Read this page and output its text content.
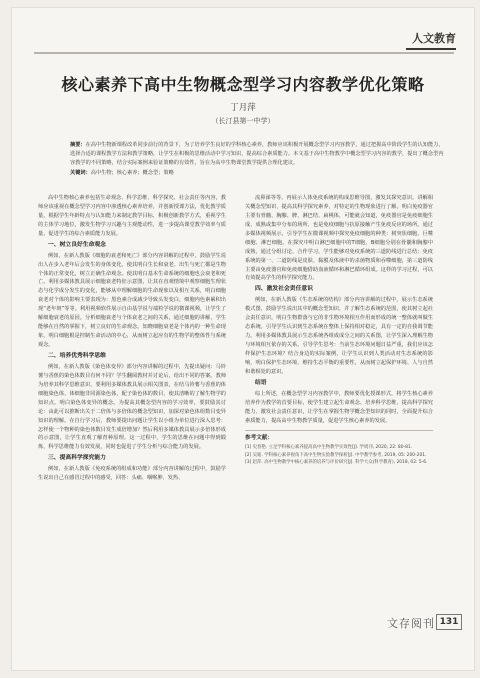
人文教育
核心素养下高中生物概念型学习内容教学优化策略
丁月萍
（长汀县第一中学）
摘要：在高中生物新课程改革同步前行的背景下，为了培养学生良好的学科核心素养，教师应该积极开展概念型学习内容教学，通过把握高中阶段学生的认知能力，选择合适的课程教学方法和教学策略，让学生在积极的思维活动中学习知识，提高综合素质能力。本文基于高中生物教学中概念型学习内容的教学，提出了概念型内容教学的不同策略，结合实际案例来验证策略的有效性，旨在为高中生物课堂教学提供合理化建议。
关键词：高中生物；核心素养；概念型；策略

高中生物核心素养包括生命观念、科学思维、科学探究、社会责任等内容，教师应该重视在概念型学习内容中渗透核心素养培养，并创新授课方法，优化教学质量，根据学生年龄特点与认知能力来制定教学目标，积极创新教学方式，重视学生的主体学习地位，激发生物学习兴趣与主观能动性，进一步提高课堂教学效率与质量，促进学生的综合素质能力发展。

一、树立良好生命观念

例如，在新人教版《细胞的衰老和死亡》部分内容讲解的过程中，鼓励学生说出人在步入老年后会发生的身体变化，使其明白生长和衰老、出生与死亡都是生物个体的正常变化，树立正确生命观念。使其明白基本生命系统的细胞也会衰老和死亡。利用多媒体教具展示细胞衰老特征示意图，让其在直观情境中观察细胞生理状态与化学成分发生的变化，能够从中理解细胞的生命现象以及相互关系，明白细胞衰老对个体的影响主要表现为：黑色素合成减少导致头发变白，细胞内色素累积出现“老年斑”等等。利用视频软件展示自由基学说与端粒学说的微课视频，让学生了解细胞衰老的原因。分析细胞衰老与个体衰老之间的关系，通过细胞的讲解，学生能够在自然的掌握下，树立良好的生命观念。知晓细胞衰老是个体内的一种生命现象，明白细胞根是控制生命活动的中心，从而树立起应有的生物学的整体性与系统观念。

二、培养优秀科学思维

例如，在新人教版《染色体变异》部分内容讲解的过程中，先提出疑问：马铃薯与香蕉的染色体数目有何不同？学生翻阅教材并讨论后，给出不同的答案。教师为培养其科学思维意识，要利用多媒体教具展示相关图表，在结马铃薯与香蕉的体细胞染色体、体细胞非同源染色体、配子染色体的数目，使其清晰的了解生物学的知识点。明白染色体变异的概念。为提高其概念型内容的学习效率，要鼓励其讨论：由此可以推断出关于二倍体与多倍体的概念型知识，加深对染色体组数目变异知识的理解。在自行学习后，教师要提出问题让学生以小组为单位进行深入思考：怎样使一个物种的染色体数目发生成倍增加？然后利用多媒体教具展示多倍体形成的示意图，让学生直观了解育种原理。这一过程中，学生的思维在问题中得到锻炼，科学思维能力有效发展，同时也促进了学生分析与综合能力的发展。

三、提高科学探究能力

例如，在新人教版《免疫系统的组成和功能》部分内容讲解的过程中，鼓励学生说出自己在感冒过程中的感受，回答：头痛、咽喉肿、发热、

流鼻涕等等。再展示人体免疫系统的构成思维导图，激发其探究意识。讲解相关概念型知识，提高其科学探究素养，对特定的生物现象进行了解，明白免疫器官主要有骨髓、胸腺、脾、淋巴结、扁桃体，可能就会知道，免疫器官是免疫细胞生成、成熟或集中分布的场所，也是免疫细胞与抗原接触产生免疫反应的场所。通过多媒体视频展示，引导学生在微课视频中探究免疫细胞的种类：树突状细胞、巨噬细胞、淋巴细胞。在探究中明白淋巴细胞中的T细胞、B细胞分别在骨髓和胸腺中成熟，通过分组讨论、合作学习，学生能够对免疫系统的三道防线进行总结：免疫系统的第一、二道防线是皮肤、黏膜及体液中的杀菌物质和吞噬细胞，第三道防线主要由免疫器官和免疫细胞借助血液循环和淋巴循环组成。这样的学习过程，可以有效提高学生的科学探究能力。

四、激发社会责任意识

例如，在新人教版《生态系统的结构》部分内容讲解的过程中，展示生态系统模式图，鼓励学生说出其中的概念型知识，并了解生态系统的范围，使其树立起社会责任意识，明白生物群落与它的非生物环境相互作用而形成的统一整体就叫做生态系统。引导学生认识到生态系统在整体上保持相对稳定，具有一定的自我调节能力。利用多媒体教具展示生态系统各组成成分之间的关系图，让学生深入理解生物与环境相互依存的关系。引导学生思考：当前生态环境问题日益严重，我们应该怎样保护生态环境？结合身边的实际案例，让学生认识到人类活动对生态系统的影响，明白保护生态环境、维持生态平衡的重要性，从而树立起保护环境、人与自然和谐相处的意识。

结语

综上所述，在概念型学习内容教学中，教师要优化授课形式，将学生核心素养培养作为教学的首要目标，使学生建立起生命观念、培养科学思维、提高科学探究能力、激发社会责任意识，让学生在掌握生物学概念型知识的同时，全面提升综合素质能力，提高高中生物教学质量，促进学生核心素养的发展。

参考文献：
[1] 史春艳. 立足学科核心素养提高高中生物教学实效性[J]. 学周刊, 2020, 22: 80-81.
[2] 吴迪. 学科核心素养视角下高中生物实验教学探析[J]. 中学教学参考, 2019, 05: 200-201.
[3] 赵萍. 高中生物教学中核心素养的培养与评价研究[J]. 科学大众(科学教育), 2018, 02: 5-6.
文存阅刊 131
